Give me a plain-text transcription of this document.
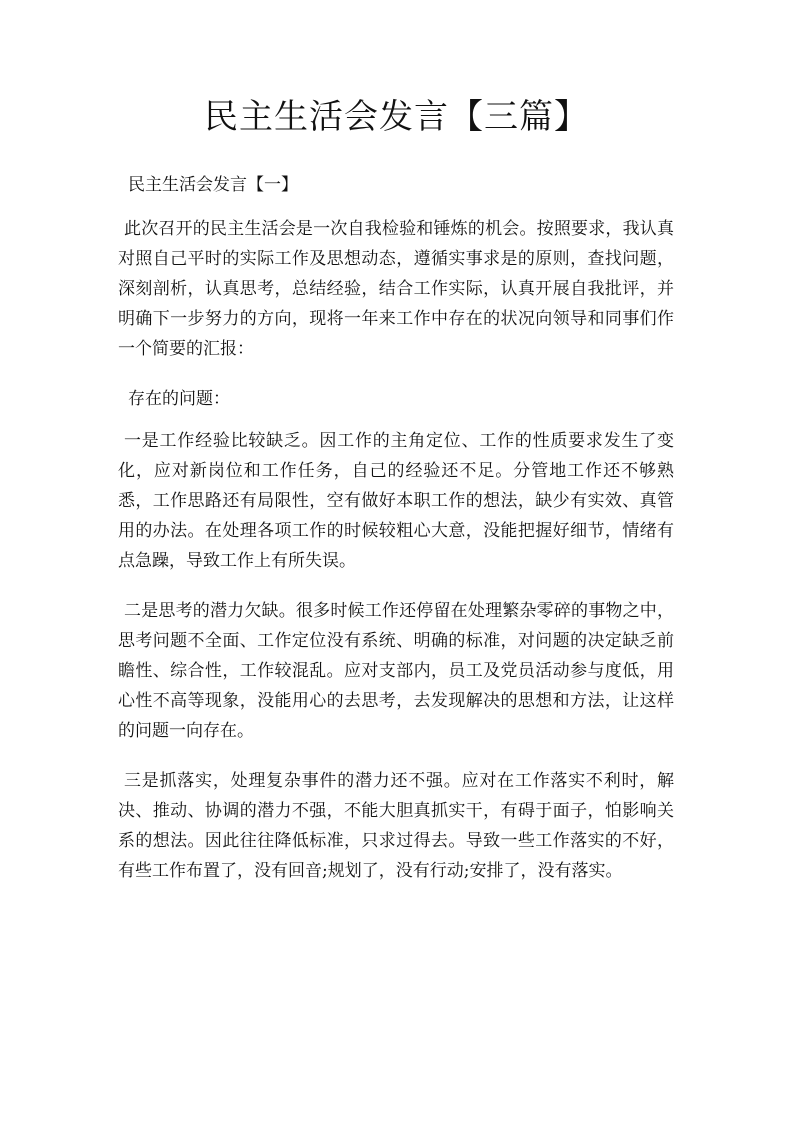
民主生活会发言【三篇】

民主生活会发言【一】

此次召开的民主生活会是一次自我检验和锤炼的机会。按照要求，我认真对照自己平时的实际工作及思想动态，遵循实事求是的原则，查找问题，深刻剖析，认真思考，总结经验，结合工作实际，认真开展自我批评，并明确下一步努力的方向，现将一年来工作中存在的状况向领导和同事们作一个简要的汇报：

存在的问题：

一是工作经验比较缺乏。因工作的主角定位、工作的性质要求发生了变化，应对新岗位和工作任务，自己的经验还不足。分管地工作还不够熟悉，工作思路还有局限性，空有做好本职工作的想法，缺少有实效、真管用的办法。在处理各项工作的时候较粗心大意，没能把握好细节，情绪有点急躁，导致工作上有所失误。

二是思考的潜力欠缺。很多时候工作还停留在处理繁杂零碎的事物之中，思考问题不全面、工作定位没有系统、明确的标准，对问题的决定缺乏前瞻性、综合性，工作较混乱。应对支部内，员工及党员活动参与度低，用心性不高等现象，没能用心的去思考，去发现解决的思想和方法，让这样的问题一向存在。

三是抓落实，处理复杂事件的潜力还不强。应对在工作落实不利时，解决、推动、协调的潜力不强，不能大胆真抓实干，有碍于面子，怕影响关系的想法。因此往往降低标准，只求过得去。导致一些工作落实的不好，有些工作布置了，没有回音;规划了，没有行动;安排了，没有落实。
